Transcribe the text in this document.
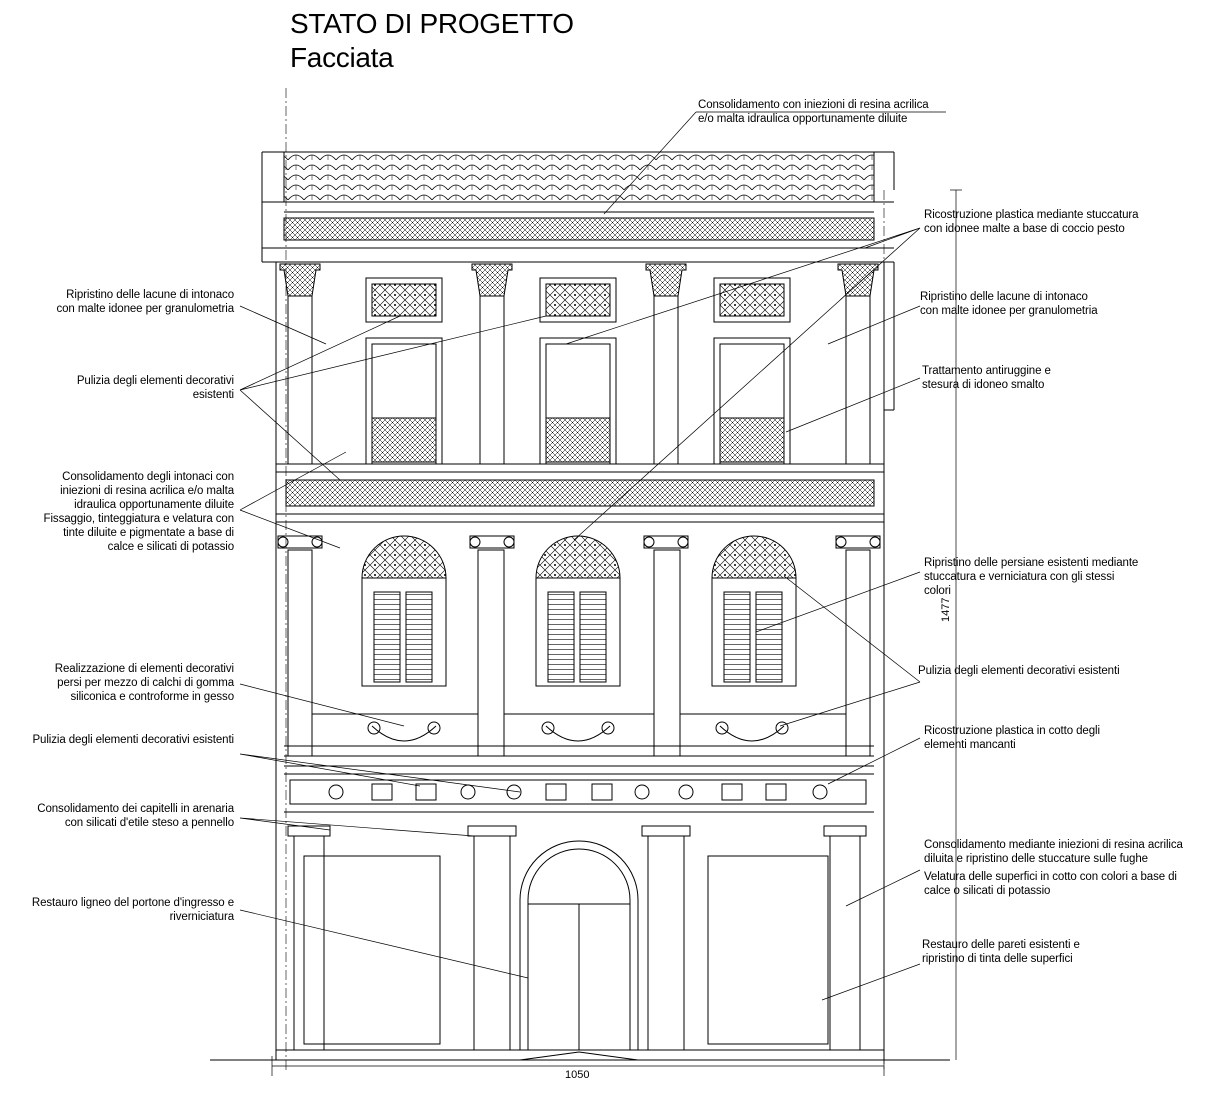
STATO DI PROGETTO
Facciata
Consolidamento con iniezioni di resina acrilica
e/o malta idraulica opportunamente diluite
Ricostruzione plastica mediante stuccatura
con idonee malte a base di coccio pesto
Ripristino delle lacune di intonaco
con malte idonee per granulometria
Ripristino delle lacune di intonaco
con malte idonee per granulometria
Pulizia degli elementi decorativi
esistenti
Trattamento antiruggine e
stesura di idoneo smalto
Consolidamento degli intonaci con
iniezioni di resina acrilica e/o malta
idraulica opportunamente diluite
Fissaggio, tinteggiatura e velatura con
tinte diluite e pigmentate a base di
calce e silicati di potassio
Ripristino delle persiane esistenti mediante
stuccatura e verniciatura con gli stessi
colori
Pulizia degli elementi decorativi esistenti
Realizzazione di elementi decorativi
persi per mezzo di calchi di gomma
siliconica e controforme in gesso
Pulizia degli elementi decorativi esistenti
Ricostruzione plastica in cotto degli
elementi mancanti
Consolidamento dei capitelli in arenaria
con silicati d'etile steso a pennello
Consolidamento mediante iniezioni di resina acrilica
diluita e ripristino delle stuccature sulle fughe
Velatura delle superfici in cotto con colori a base di
calce o silicati di potassio
Restauro ligneo del portone d'ingresso e
riverniciatura
Restauro delle pareti esistenti e
ripristino di tinta delle superfici
1050
1477
